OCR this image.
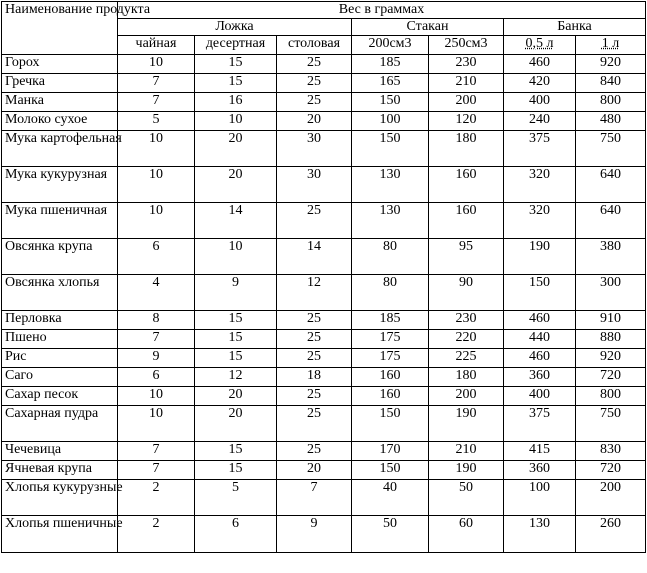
Наименование продукта	Вес в граммах						
	Ложка			Стакан		Банка	
	чайная	десертная	столовая	200см3	250см3	0,5 л	1 л
Горох	10	15	25	185	230	460	920
Гречка	7	15	25	165	210	420	840
Манка	7	16	25	150	200	400	800
Молоко сухое	5	10	20	100	120	240	480
Мука картофельная	10	20	30	150	180	375	750
Мука кукурузная	10	20	30	130	160	320	640
Мука пшеничная	10	14	25	130	160	320	640
Овсянка крупа	6	10	14	80	95	190	380
Овсянка хлопья	4	9	12	80	90	150	300
Перловка	8	15	25	185	230	460	910
Пшено	7	15	25	175	220	440	880
Рис	9	15	25	175	225	460	920
Саго	6	12	18	160	180	360	720
Сахар песок	10	20	25	160	200	400	800
Сахарная пудра	10	20	25	150	190	375	750
Чечевица	7	15	25	170	210	415	830
Ячневая крупа	7	15	20	150	190	360	720
Хлопья кукурузные	2	5	7	40	50	100	200
Хлопья пшеничные	2	6	9	50	60	130	260
